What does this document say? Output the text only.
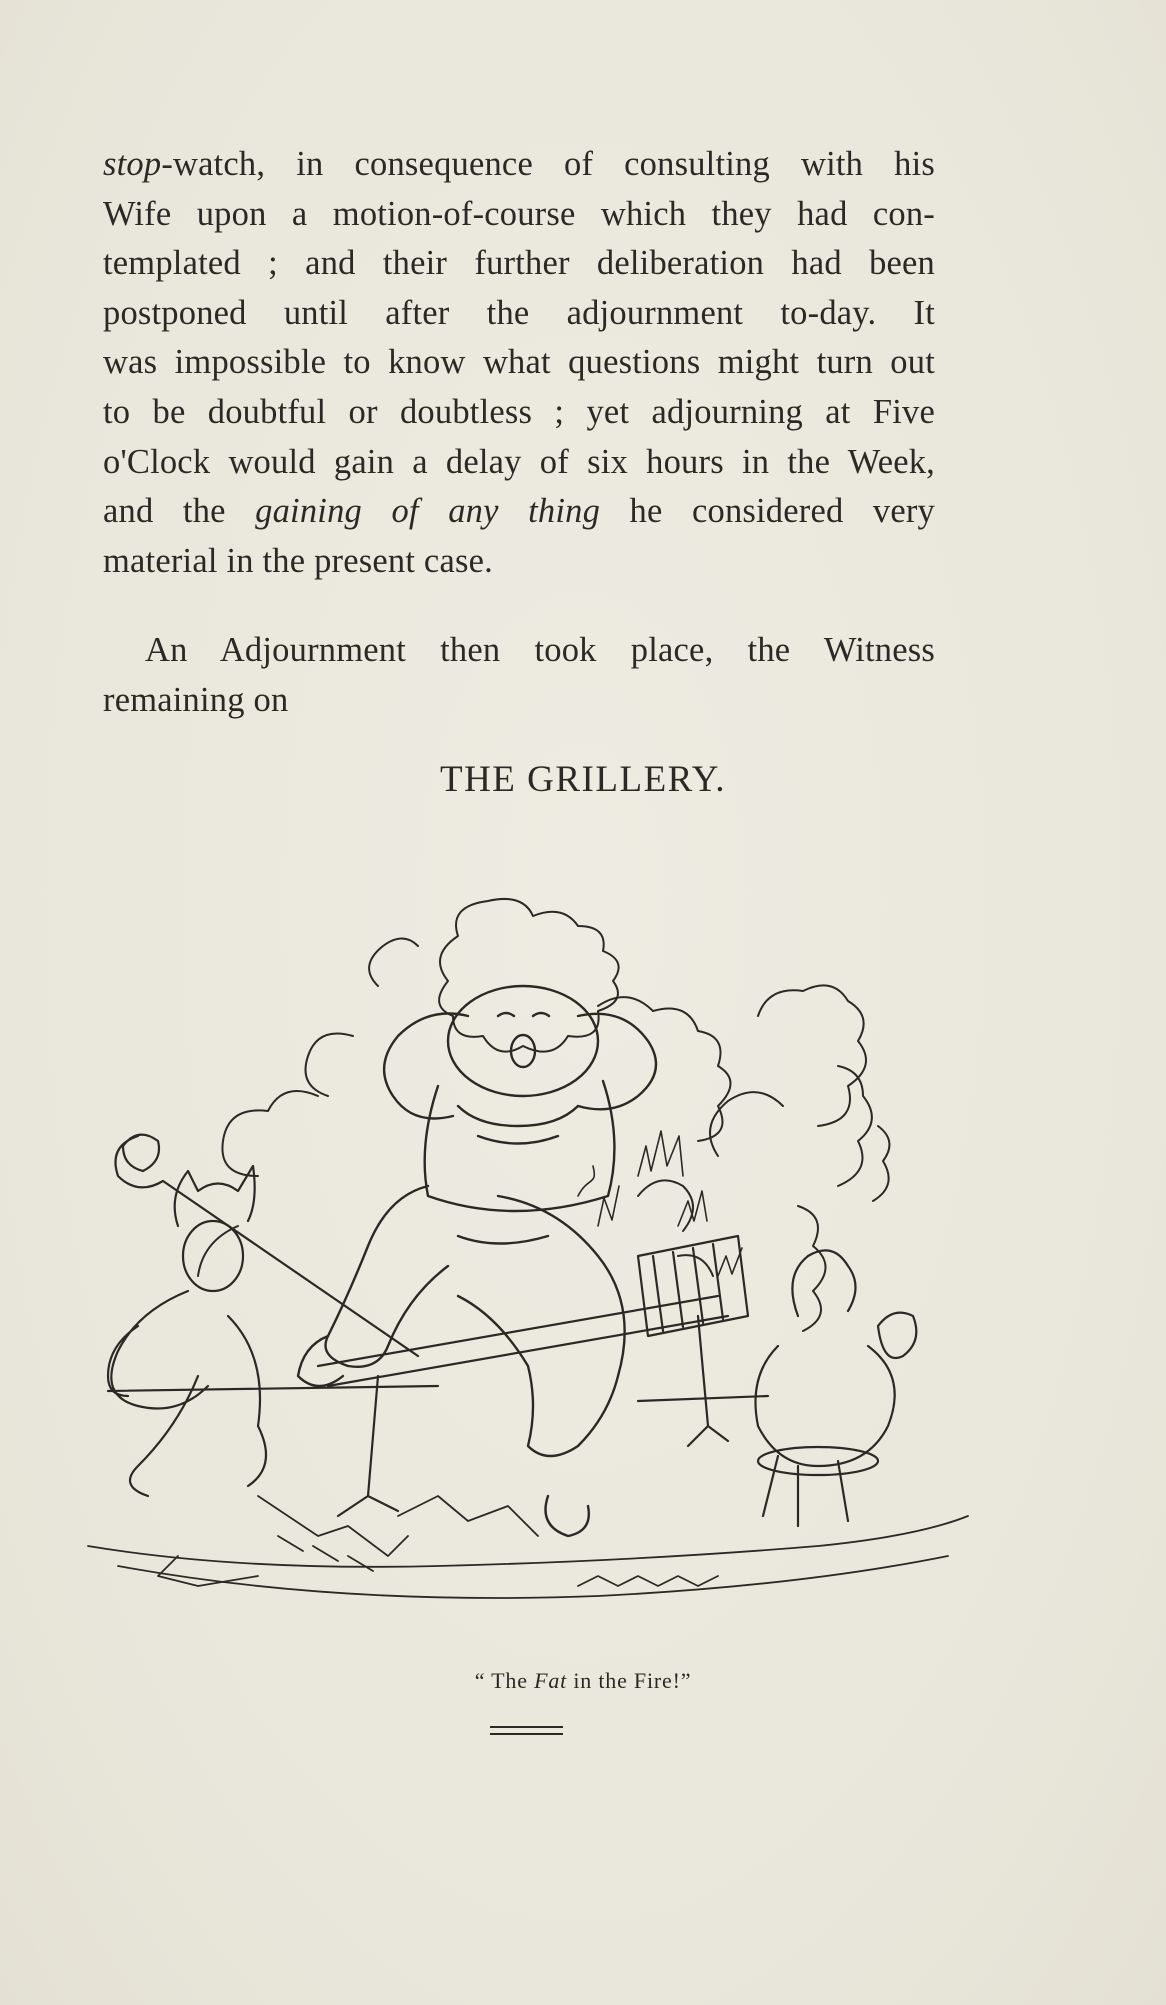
stop-watch, in consequence of consulting with his
Wife upon a motion-of-course which they had con-
templated ; and their further deliberation had been
postponed until after the adjournment to-day. It
was impossible to know what questions might turn out
to be doubtful or doubtless ; yet adjourning at Five
o'Clock would gain a delay of six hours in the Week,
and the gaining of any thing he considered very
material in the present case.
An Adjournment then took place, the Witness
remaining on
THE GRILLERY.
“ The Fat in the Fire!”
